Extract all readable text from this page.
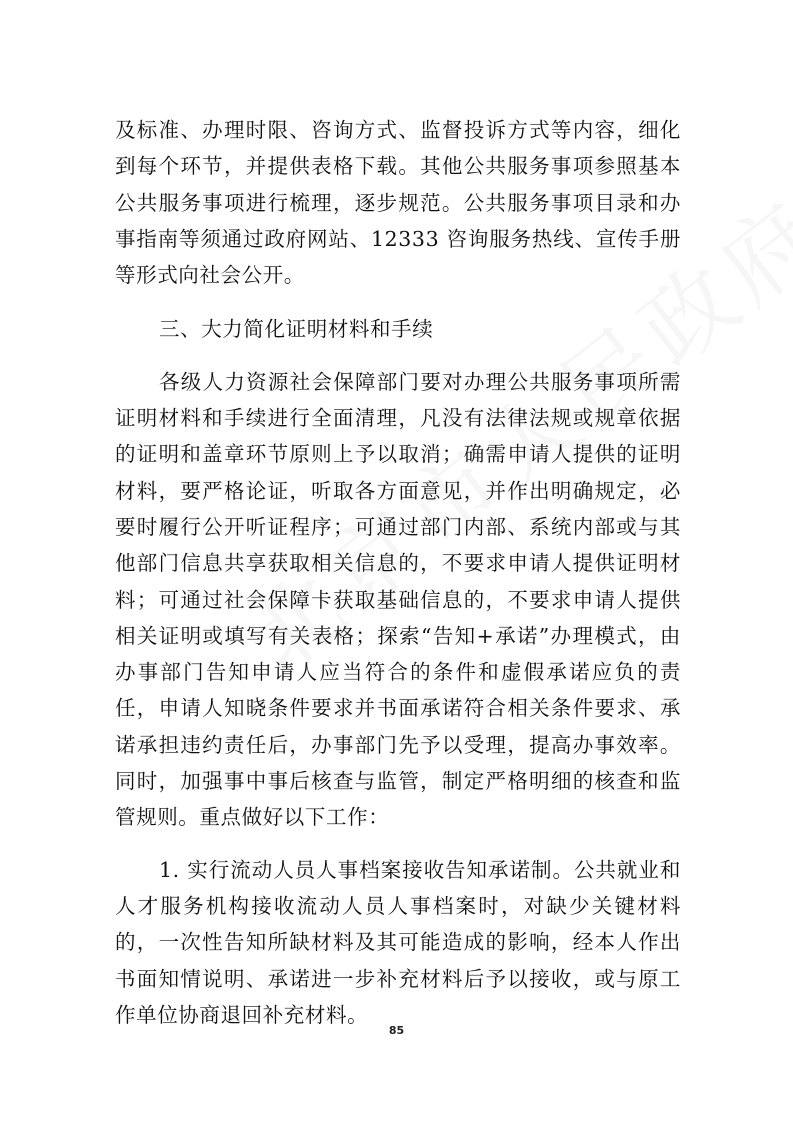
及标准、办理时限、咨询方式、监督投诉方式等内容，细化到每个环节，并提供表格下载。其他公共服务事项参照基本公共服务事项进行梳理，逐步规范。公共服务事项目录和办事指南等须通过政府网站、12333 咨询服务热线、宣传手册等形式向社会公开。

三、大力简化证明材料和手续

各级人力资源社会保障部门要对办理公共服务事项所需证明材料和手续进行全面清理，凡没有法律法规或规章依据的证明和盖章环节原则上予以取消；确需申请人提供的证明材料，要严格论证，听取各方面意见，并作出明确规定，必要时履行公开听证程序；可通过部门内部、系统内部或与其他部门信息共享获取相关信息的，不要求申请人提供证明材料；可通过社会保障卡获取基础信息的，不要求申请人提供相关证明或填写有关表格；探索“告知+承诺”办理模式，由办事部门告知申请人应当符合的条件和虚假承诺应负的责任，申请人知晓条件要求并书面承诺符合相关条件要求、承诺承担违约责任后，办事部门先予以受理，提高办事效率。同时，加强事中事后核查与监管，制定严格明细的核查和监管规则。重点做好以下工作：

1. 实行流动人员人事档案接收告知承诺制。公共就业和人才服务机构接收流动人员人事档案时，对缺少关键材料的，一次性告知所缺材料及其可能造成的影响，经本人作出书面知情说明、承诺进一步补充材料后予以接收，或与原工作单位协商退回补充材料。

85
